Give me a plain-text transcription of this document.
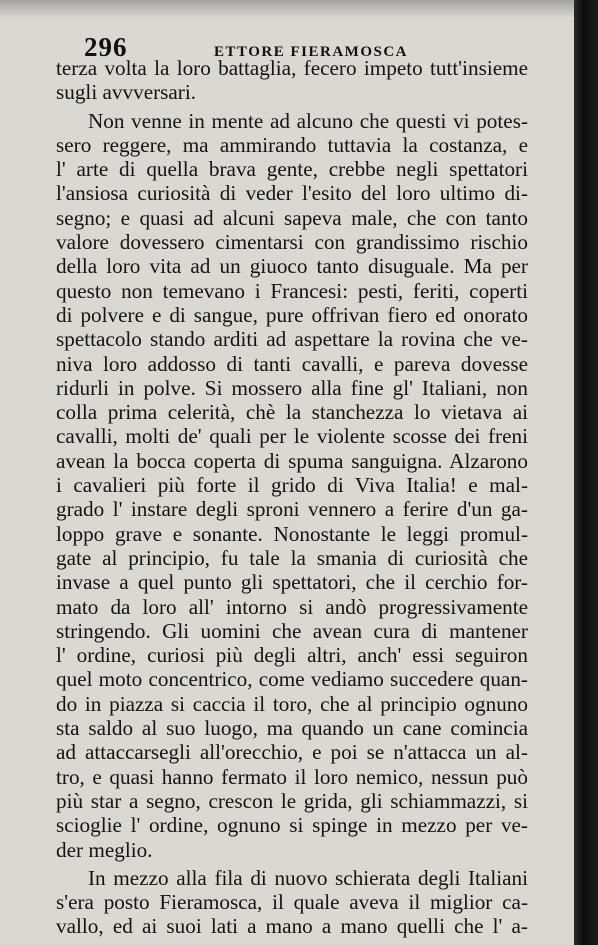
296	ETTORE FIERAMOSCA
terza volta la loro battaglia, fecero impeto tutt'insieme
sugli avvversari.
Non venne in mente ad alcuno che questi vi potes-
sero reggere, ma ammirando tuttavia la costanza, e
l' arte di quella brava gente, crebbe negli spettatori
l'ansiosa curiosità di veder l'esito del loro ultimo di-
segno; e quasi ad alcuni sapeva male, che con tanto
valore dovessero cimentarsi con grandissimo rischio
della loro vita ad un giuoco tanto disuguale. Ma per
questo non temevano i Francesi: pesti, feriti, coperti
di polvere e di sangue, pure offrivan fiero ed onorato
spettacolo stando arditi ad aspettare la rovina che ve-
niva loro addosso di tanti cavalli, e pareva dovesse
ridurli in polve. Si mossero alla fine gl' Italiani, non
colla prima celerità, chè la stanchezza lo vietava ai
cavalli, molti de' quali per le violente scosse dei freni
avean la bocca coperta di spuma sanguigna. Alzarono
i cavalieri più forte il grido di Viva Italia! e mal-
grado l' instare degli sproni vennero a ferire d'un ga-
loppo grave e sonante. Nonostante le leggi promul-
gate al principio, fu tale la smania di curiosità che
invase a quel punto gli spettatori, che il cerchio for-
mato da loro all' intorno si andò progressivamente
stringendo. Gli uomini che avean cura di mantener
l' ordine, curiosi più degli altri, anch' essi seguiron
quel moto concentrico, come vediamo succedere quan-
do in piazza si caccia il toro, che al principio ognuno
sta saldo al suo luogo, ma quando un cane comincia
ad attaccarsegli all'orecchio, e poi se n'attacca un al-
tro, e quasi hanno fermato il loro nemico, nessun può
più star a segno, crescon le grida, gli schiammazzi, si
scioglie l' ordine, ognuno si spinge in mezzo per ve-
der meglio.
In mezzo alla fila di nuovo schierata degli Italiani
s'era posto Fieramosca, il quale aveva il miglior ca-
vallo, ed ai suoi lati a mano a mano quelli che l' a-
